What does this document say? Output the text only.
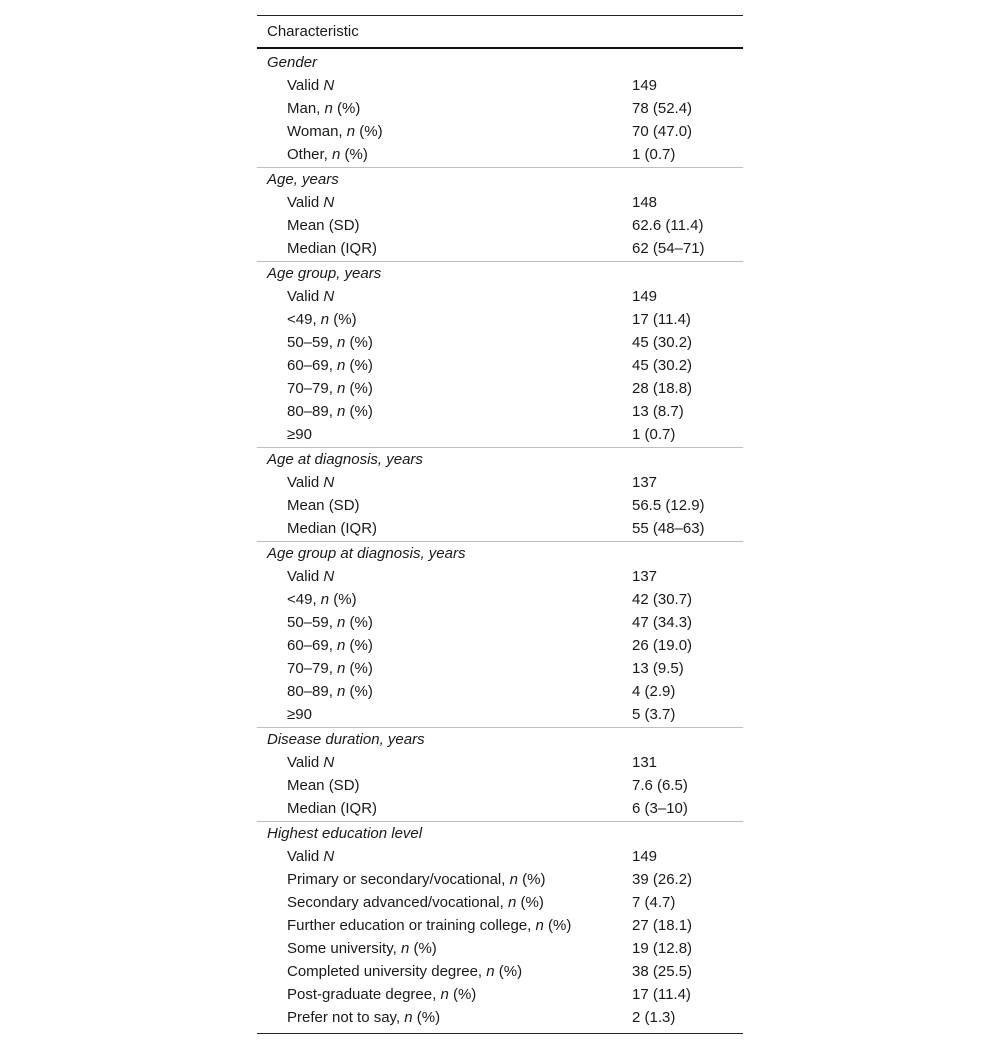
Characteristic
Gender
Valid N	149
Man, n (%)	78 (52.4)
Woman, n (%)	70 (47.0)
Other, n (%)	1 (0.7)
Age, years
Valid N	148
Mean (SD)	62.6 (11.4)
Median (IQR)	62 (54–71)
Age group, years
Valid N	149
<49, n (%)	17 (11.4)
50–59, n (%)	45 (30.2)
60–69, n (%)	45 (30.2)
70–79, n (%)	28 (18.8)
80–89, n (%)	13 (8.7)
≥90	1 (0.7)
Age at diagnosis, years
Valid N	137
Mean (SD)	56.5 (12.9)
Median (IQR)	55 (48–63)
Age group at diagnosis, years
Valid N	137
<49, n (%)	42 (30.7)
50–59, n (%)	47 (34.3)
60–69, n (%)	26 (19.0)
70–79, n (%)	13 (9.5)
80–89, n (%)	4 (2.9)
≥90	5 (3.7)
Disease duration, years
Valid N	131
Mean (SD)	7.6 (6.5)
Median (IQR)	6 (3–10)
Highest education level
Valid N	149
Primary or secondary/vocational, n (%)	39 (26.2)
Secondary advanced/vocational, n (%)	7 (4.7)
Further education or training college, n (%)	27 (18.1)
Some university, n (%)	19 (12.8)
Completed university degree, n (%)	38 (25.5)
Post-graduate degree, n (%)	17 (11.4)
Prefer not to say, n (%)	2 (1.3)
